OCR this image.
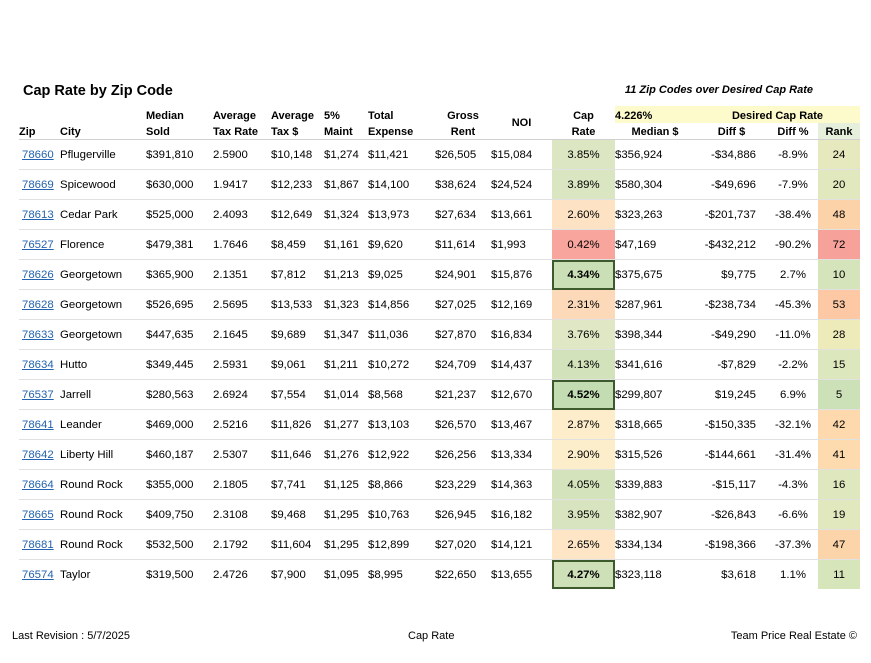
Cap Rate by Zip Code	11 Zip Codes over Desired Cap Rate
		Median	Average	Average	5%	Total	Gross	NOI	Cap	4.226%	Desired Cap Rate		
Zip	City	Sold	Tax Rate	Tax $	Maint	Expense	Rent		Rate	Median $	Diff $	Diff %	Rank
78660	Pflugerville	$391,810	2.5900	$10,148	$1,274	$11,421	$26,505	$15,084	3.85%	$356,924	-$34,886	-8.9%	24
78669	Spicewood	$630,000	1.9417	$12,233	$1,867	$14,100	$38,624	$24,524	3.89%	$580,304	-$49,696	-7.9%	20
78613	Cedar Park	$525,000	2.4093	$12,649	$1,324	$13,973	$27,634	$13,661	2.60%	$323,263	-$201,737	-38.4%	48
76527	Florence	$479,381	1.7646	$8,459	$1,161	$9,620	$11,614	$1,993	0.42%	$47,169	-$432,212	-90.2%	72
78626	Georgetown	$365,900	2.1351	$7,812	$1,213	$9,025	$24,901	$15,876	4.34%	$375,675	$9,775	2.7%	10
78628	Georgetown	$526,695	2.5695	$13,533	$1,323	$14,856	$27,025	$12,169	2.31%	$287,961	-$238,734	-45.3%	53
78633	Georgetown	$447,635	2.1645	$9,689	$1,347	$11,036	$27,870	$16,834	3.76%	$398,344	-$49,290	-11.0%	28
78634	Hutto	$349,445	2.5931	$9,061	$1,211	$10,272	$24,709	$14,437	4.13%	$341,616	-$7,829	-2.2%	15
76537	Jarrell	$280,563	2.6924	$7,554	$1,014	$8,568	$21,237	$12,670	4.52%	$299,807	$19,245	6.9%	5
78641	Leander	$469,000	2.5216	$11,826	$1,277	$13,103	$26,570	$13,467	2.87%	$318,665	-$150,335	-32.1%	42
78642	Liberty Hill	$460,187	2.5307	$11,646	$1,276	$12,922	$26,256	$13,334	2.90%	$315,526	-$144,661	-31.4%	41
78664	Round Rock	$355,000	2.1805	$7,741	$1,125	$8,866	$23,229	$14,363	4.05%	$339,883	-$15,117	-4.3%	16
78665	Round Rock	$409,750	2.3108	$9,468	$1,295	$10,763	$26,945	$16,182	3.95%	$382,907	-$26,843	-6.6%	19
78681	Round Rock	$532,500	2.1792	$11,604	$1,295	$12,899	$27,020	$14,121	2.65%	$334,134	-$198,366	-37.3%	47
76574	Taylor	$319,500	2.4726	$7,900	$1,095	$8,995	$22,650	$13,655	4.27%	$323,118	$3,618	1.1%	11
Last Revision : 5/7/2025	Cap Rate	Team Price Real Estate ©
